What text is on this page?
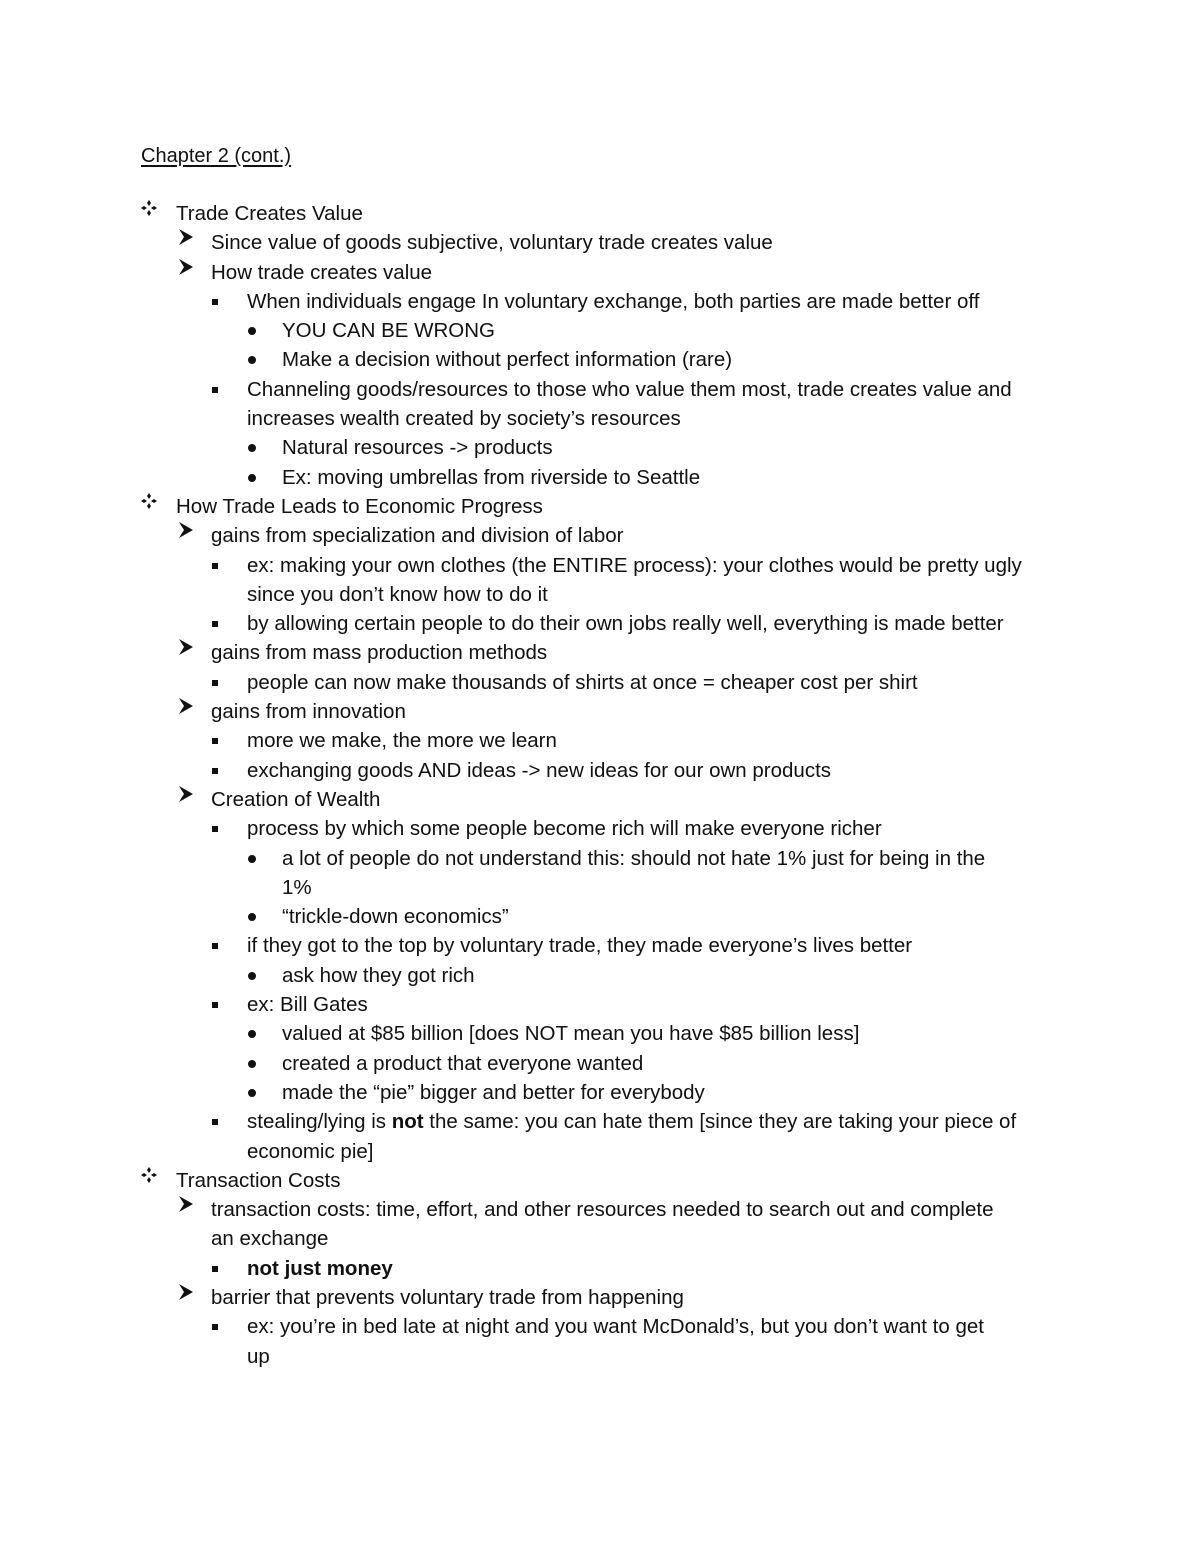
Chapter 2 (cont.)
Trade Creates Value
Since value of goods subjective, voluntary trade creates value
How trade creates value
When individuals engage In voluntary exchange, both parties are made better off
YOU CAN BE WRONG
Make a decision without perfect information (rare)
Channeling goods/resources to those who value them most, trade creates value and
increases wealth created by society’s resources
Natural resources -> products
Ex: moving umbrellas from riverside to Seattle
How Trade Leads to Economic Progress
gains from specialization and division of labor
ex: making your own clothes (the ENTIRE process): your clothes would be pretty ugly
since you don’t know how to do it
by allowing certain people to do their own jobs really well, everything is made better
gains from mass production methods
people can now make thousands of shirts at once = cheaper cost per shirt
gains from innovation
more we make, the more we learn
exchanging goods AND ideas -> new ideas for our own products
Creation of Wealth
process by which some people become rich will make everyone richer
a lot of people do not understand this: should not hate 1% just for being in the
1%
“trickle-down economics”
if they got to the top by voluntary trade, they made everyone’s lives better
ask how they got rich
ex: Bill Gates
valued at $85 billion [does NOT mean you have $85 billion less]
created a product that everyone wanted
made the “pie” bigger and better for everybody
stealing/lying is not the same: you can hate them [since they are taking your piece of
economic pie]
Transaction Costs
transaction costs: time, effort, and other resources needed to search out and complete
an exchange
not just money
barrier that prevents voluntary trade from happening
ex: you’re in bed late at night and you want McDonald’s, but you don’t want to get
up
